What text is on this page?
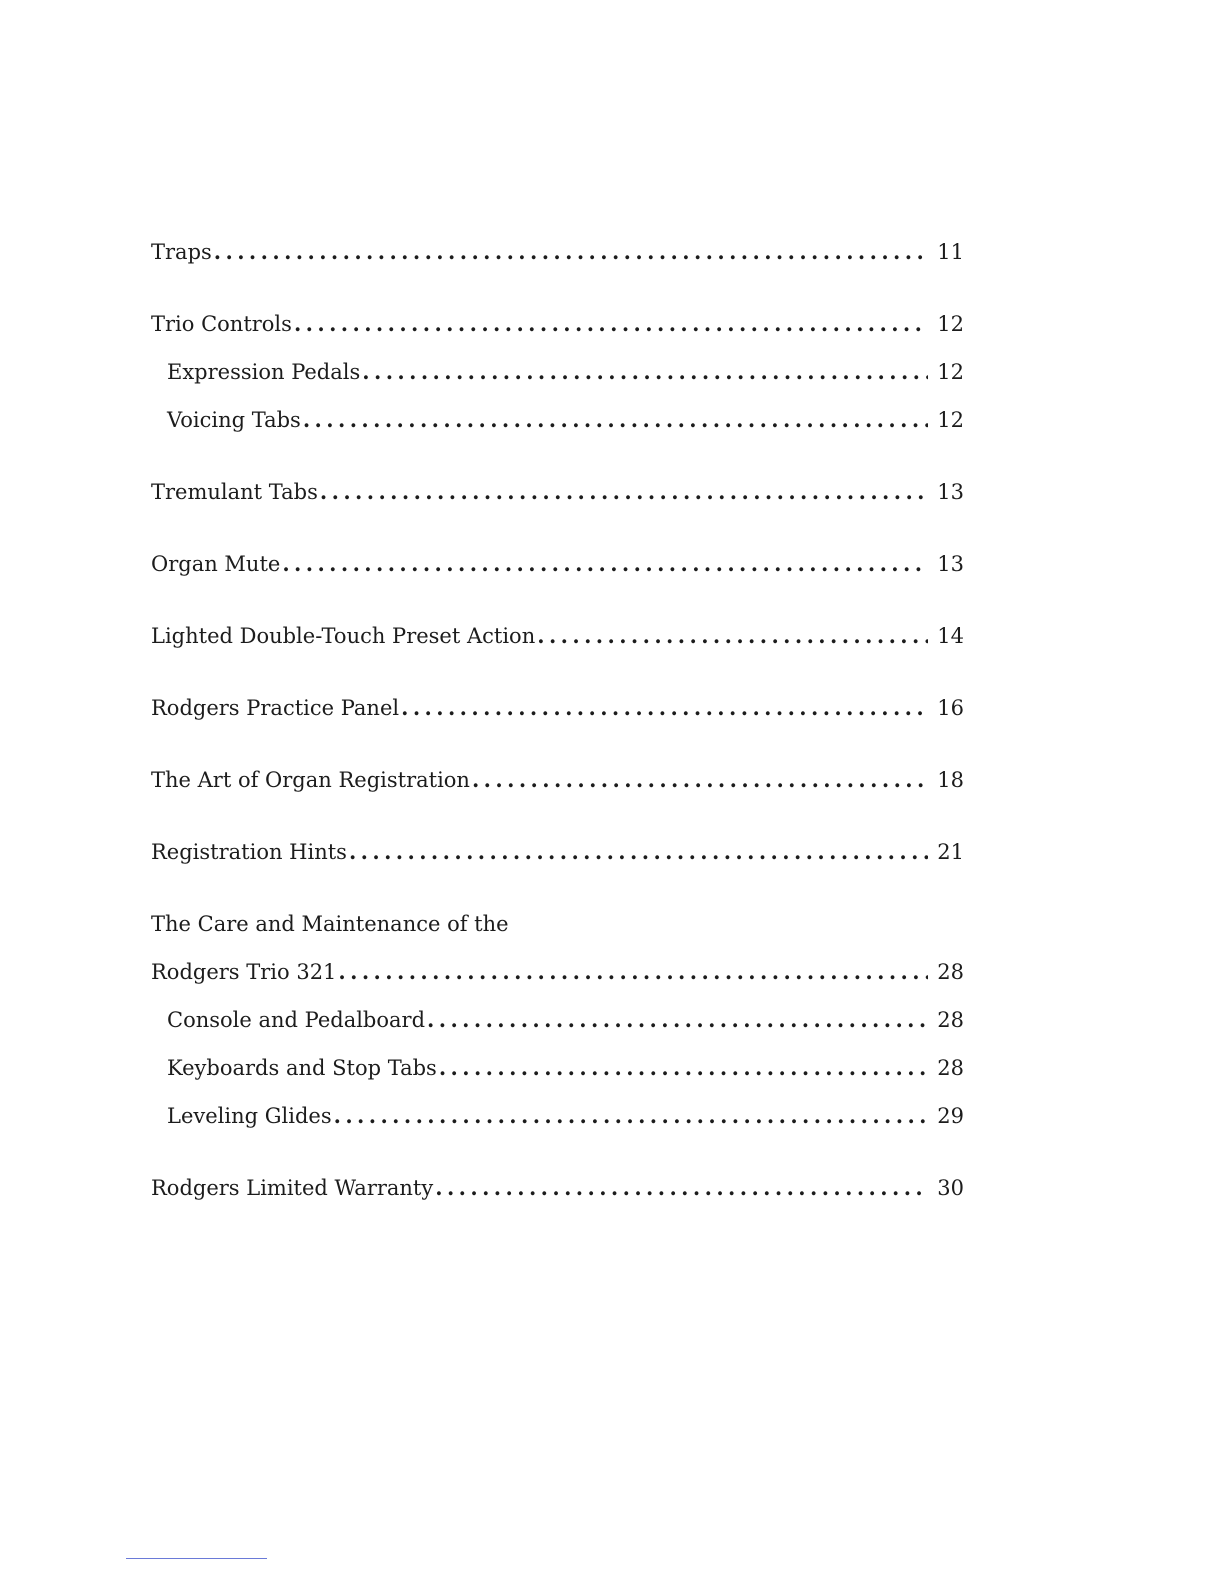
Traps .....	11
Trio Controls .....	12
Expression Pedals .....	12
Voicing Tabs .....	12
Tremulant Tabs .....	13
Organ Mute .....	13
Lighted Double-Touch Preset Action .....	14
Rodgers Practice Panel .....	16
The Art of Organ Registration .....	18
Registration Hints .....	21
The Care and Maintenance of the
Rodgers Trio 321 .....	28
Console and Pedalboard .....	28
Keyboards and Stop Tabs .....	28
Leveling Glides .....	29
Rodgers Limited Warranty .....	30
